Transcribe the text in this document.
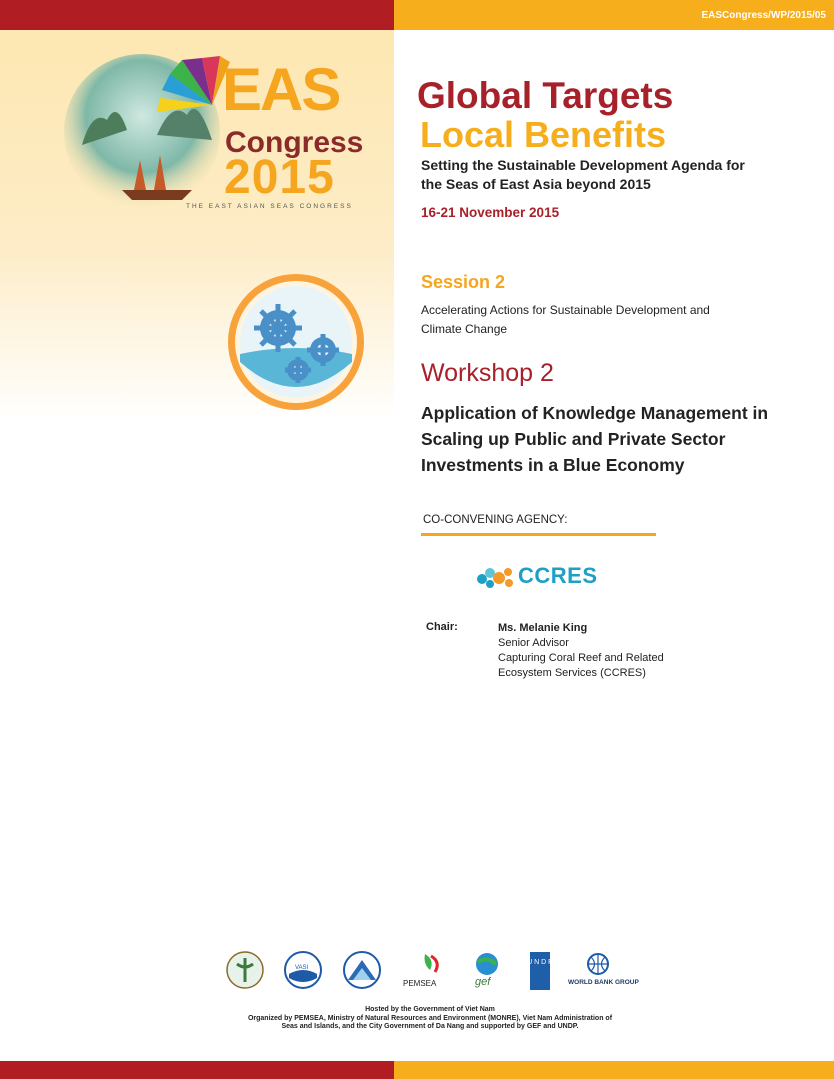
EASCongress/WP/2015/05
EAS
Congress
2015
THE EAST ASIAN SEAS CONGRESS
Global Targets
Local Benefits
Setting the Sustainable Development Agenda for the Seas of East Asia beyond 2015
16-21 November 2015
Session 2
Accelerating Actions for Sustainable Development and Climate Change
Workshop 2
Application of Knowledge Management in Scaling up Public and Private Sector Investments in a Blue Economy
CO-CONVENING AGENCY:
CCRES
Chair:	Ms. Melanie King
Senior Advisor
Capturing Coral Reef and Related
Ecosystem Services (CCRES)
VASI
PEMSEA	gef
U N D P
WORLD BANK GROUP
Hosted by the Government of Viet Nam
Organized by PEMSEA, Ministry of Natural Resources and Environment (MONRE), Viet Nam Administration of Seas and Islands, and the City Government of Da Nang and supported by GEF and UNDP.
